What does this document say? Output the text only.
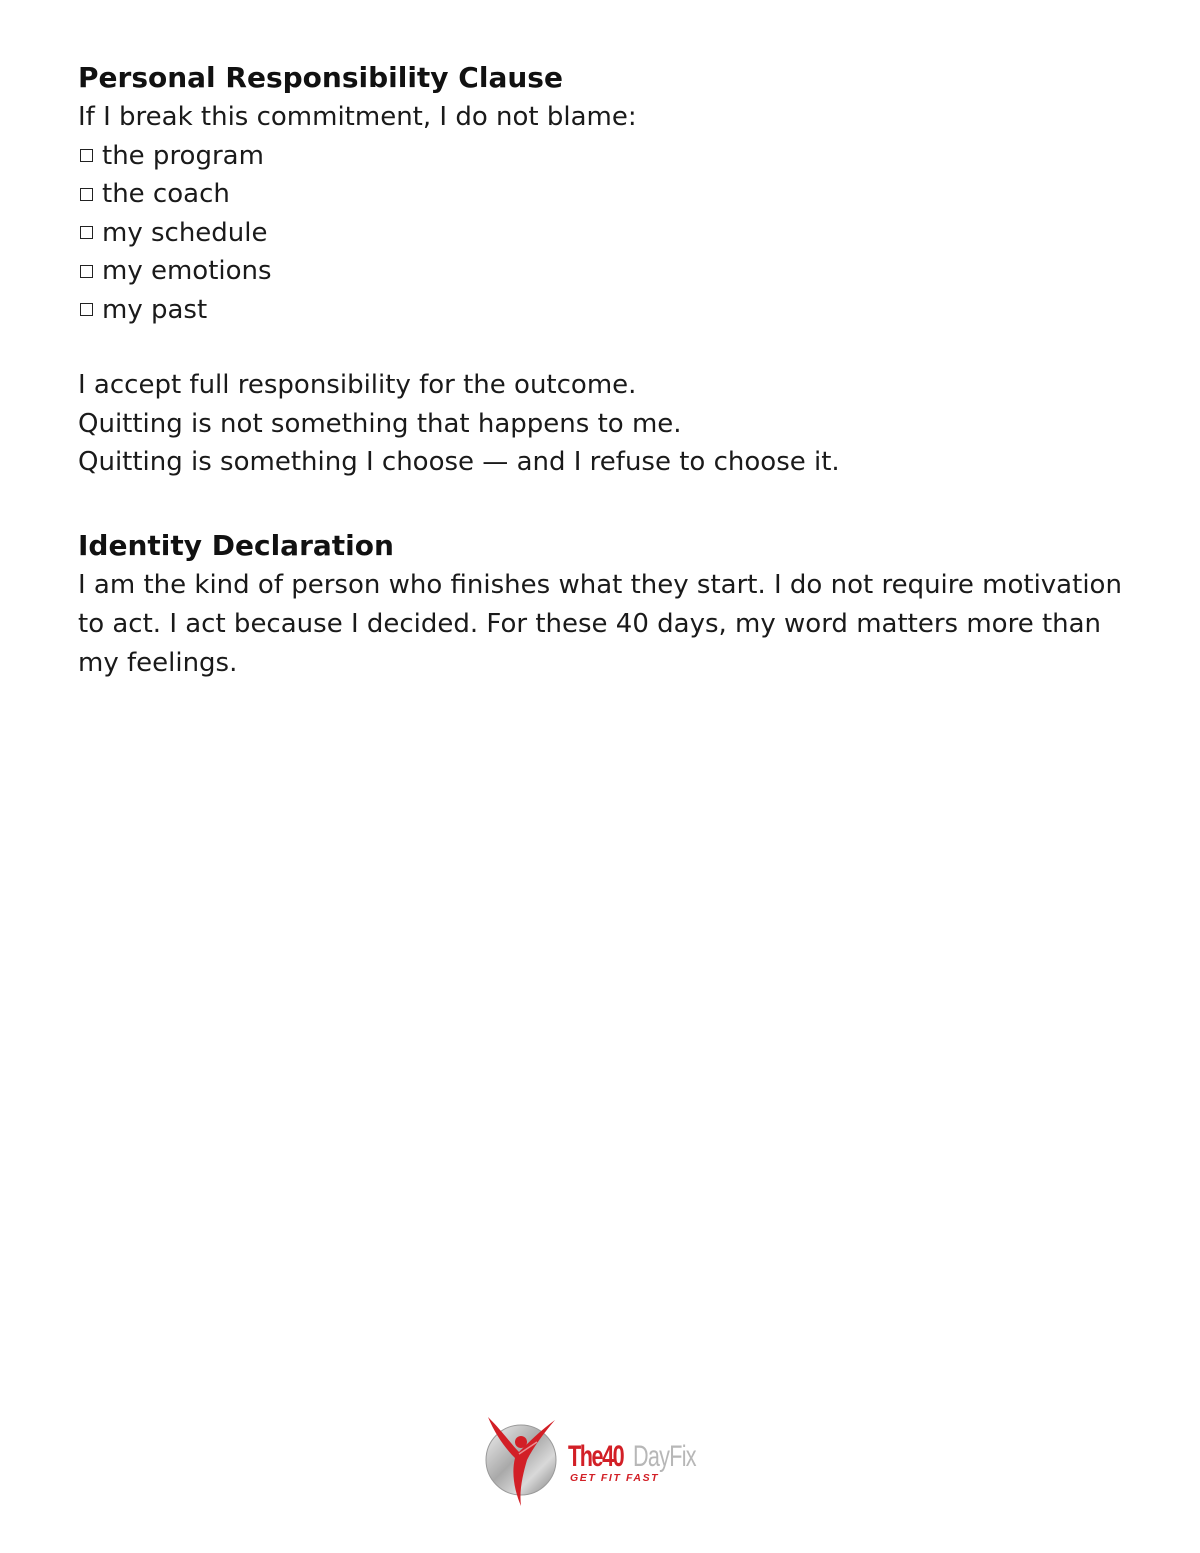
Personal Responsibility Clause

If I break this commitment, I do not blame:

the program
the coach
my schedule
my emotions
my past

I accept full responsibility for the outcome.

Quitting is not something that happens to me.

Quitting is something I choose — and I refuse to choose it.

Identity Declaration

I am the kind of person who finishes what they start. I do not require motivation to act. I act because I decided. For these 40 days, my word matters more than my feelings.

The40 DayFix
GET FIT FAST
